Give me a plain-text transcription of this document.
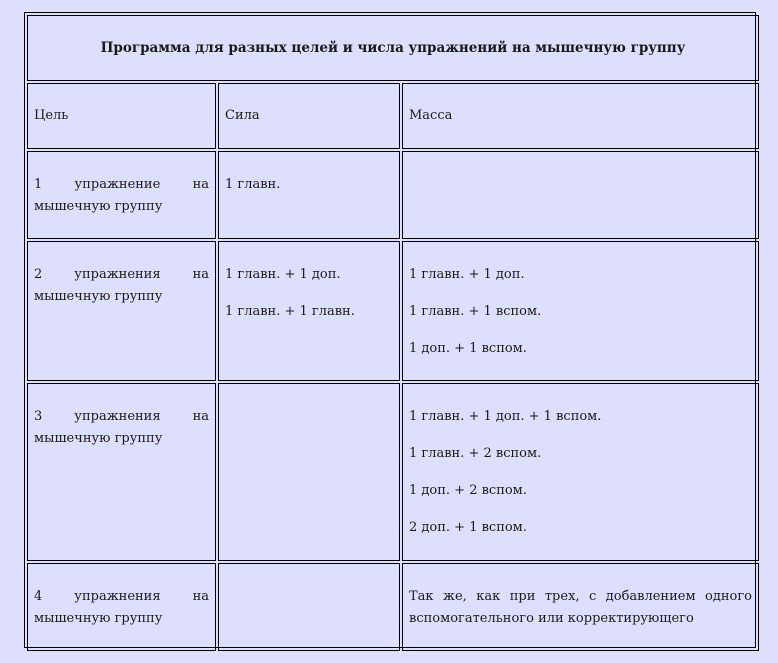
Программа для разных целей и числа упражнений на мышечную группу		
Цель	Сила	Масса

1 упражнение на
мышечную группу	1 главн.	

2 упражнения на
мышечную группу	1 главн. + 1 доп.
1 главн. + 1 главн.	1 главн. + 1 доп.
1 главн. + 1 вспом.
1 доп. + 1 вспом.

3 упражнения на
мышечную группу		1 главн. + 1 доп. + 1 вспом.
1 главн. + 2 вспом.
1 доп. + 2 вспом.
2 доп. + 1 вспом.

4 упражнения на
мышечную группу		Так же, как при трех, с добавлением одного
вспомогательного или корректирующего
